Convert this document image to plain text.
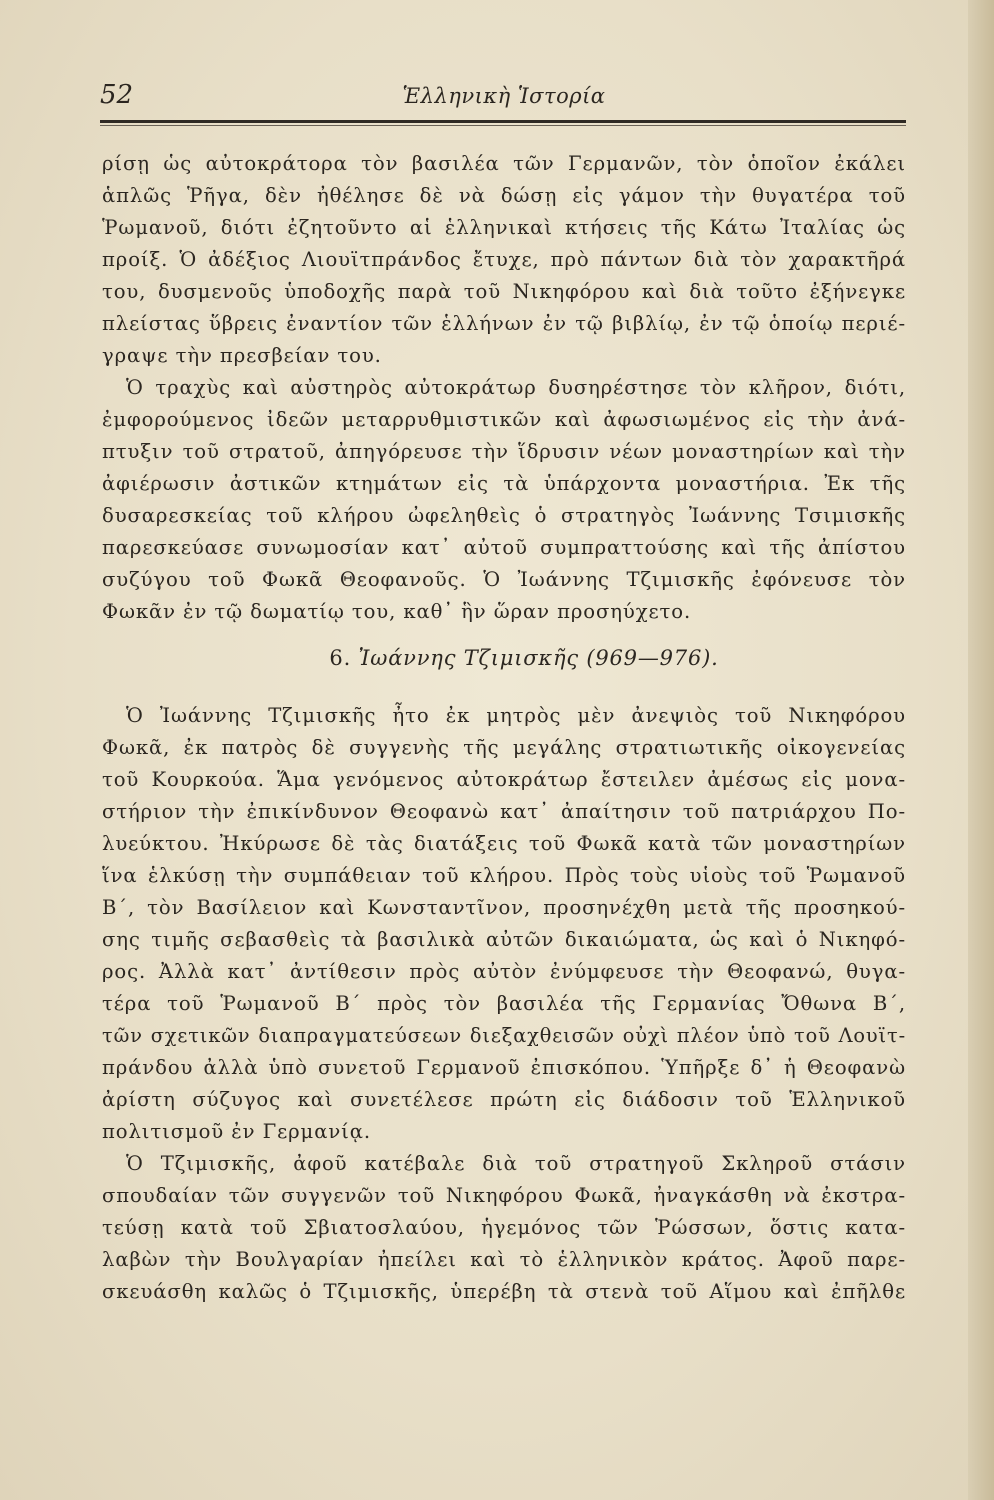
52	Ἑλληνικὴ Ἱστορία
ρίσῃ ὡς αὐτοκράτορα τὸν βασιλέα τῶν Γερμανῶν, τὸν ὁποῖον ἐκάλει
ἁπλῶς Ῥῆγα, δὲν ἠθέλησε δὲ νὰ δώσῃ εἰς γάμον τὴν θυγατέρα τοῦ
Ῥωμανοῦ, διότι ἐζητοῦντο αἱ ἑλληνικαὶ κτήσεις τῆς Κάτω Ἰταλίας ὡς
προίξ. Ὁ ἀδέξιος Λιουϊτπράνδος ἔτυχε, πρὸ πάντων διὰ τὸν χαρακτῆρά
του, δυσμενοῦς ὑποδοχῆς παρὰ τοῦ Νικηφόρου καὶ διὰ τοῦτο ἐξήνεγκε
πλείστας ὕβρεις ἐναντίον τῶν ἑλλήνων ἐν τῷ βιβλίῳ, ἐν τῷ ὁποίῳ περιέ-
γραψε τὴν πρεσβείαν του.
Ὁ τραχὺς καὶ αὐστηρὸς αὐτοκράτωρ δυσηρέστησε τὸν κλῆρον, διότι,
ἐμφορούμενος ἰδεῶν μεταρρυθμιστικῶν καὶ ἀφωσιωμένος εἰς τὴν ἀνά-
πτυξιν τοῦ στρατοῦ, ἀπηγόρευσε τὴν ἵδρυσιν νέων μοναστηρίων καὶ τὴν
ἀφιέρωσιν ἀστικῶν κτημάτων εἰς τὰ ὑπάρχοντα μοναστήρια. Ἐκ τῆς
δυσαρεσκείας τοῦ κλήρου ὠφεληθεὶς ὁ στρατηγὸς Ἰωάννης Τσιμισκῆς
παρεσκεύασε συνωμοσίαν κατ᾿ αὐτοῦ συμπραττούσης καὶ τῆς ἀπίστου
συζύγου τοῦ Φωκᾶ Θεοφανοῦς. Ὁ Ἰωάννης Τζιμισκῆς ἐφόνευσε τὸν
Φωκᾶν ἐν τῷ δωματίῳ του, καθ᾿ ἣν ὥραν προσηύχετο.
6. Ἰωάννης Τζιμισκῆς (969—976).
Ὁ Ἰωάννης Τζιμισκῆς ἦτο ἐκ μητρὸς μὲν ἀνεψιὸς τοῦ Νικηφόρου
Φωκᾶ, ἐκ πατρὸς δὲ συγγενὴς τῆς μεγάλης στρατιωτικῆς οἰκογενείας
τοῦ Κουρκούα. Ἅμα γενόμενος αὐτοκράτωρ ἔστειλεν ἀμέσως εἰς μονα-
στήριον τὴν ἐπικίνδυνον Θεοφανὼ κατ᾿ ἀπαίτησιν τοῦ πατριάρχου Πο-
λυεύκτου. Ἠκύρωσε δὲ τὰς διατάξεις τοῦ Φωκᾶ κατὰ τῶν μοναστηρίων
ἵνα ἑλκύσῃ τὴν συμπάθειαν τοῦ κλήρου. Πρὸς τοὺς υἱοὺς τοῦ Ῥωμανοῦ
Β΄, τὸν Βασίλειον καὶ Κωνσταντῖνον, προσηνέχθη μετὰ τῆς προσηκού-
σης τιμῆς σεβασθεὶς τὰ βασιλικὰ αὐτῶν δικαιώματα, ὡς καὶ ὁ Νικηφό-
ρος. Ἀλλὰ κατ᾿ ἀντίθεσιν πρὸς αὐτὸν ἐνύμφευσε τὴν Θεοφανώ, θυγα-
τέρα τοῦ Ῥωμανοῦ Β΄ πρὸς τὸν βασιλέα τῆς Γερμανίας Ὄθωνα Β΄,
τῶν σχετικῶν διαπραγματεύσεων διεξαχθεισῶν οὐχὶ πλέον ὑπὸ τοῦ Λουϊτ-
πράνδου ἀλλὰ ὑπὸ συνετοῦ Γερμανοῦ ἐπισκόπου. Ὑπῆρξε δ᾿ ἡ Θεοφανὼ
ἀρίστη σύζυγος καὶ συνετέλεσε πρώτη εἰς διάδοσιν τοῦ Ἑλληνικοῦ
πολιτισμοῦ ἐν Γερμανίᾳ.
Ὁ Τζιμισκῆς, ἀφοῦ κατέβαλε διὰ τοῦ στρατηγοῦ Σκληροῦ στάσιν
σπουδαίαν τῶν συγγενῶν τοῦ Νικηφόρου Φωκᾶ, ἠναγκάσθη νὰ ἐκστρα-
τεύσῃ κατὰ τοῦ Σβιατοσλαύου, ἡγεμόνος τῶν Ῥώσσων, ὅστις κατα-
λαβὼν τὴν Βουλγαρίαν ἠπείλει καὶ τὸ ἑλληνικὸν κράτος. Ἀφοῦ παρε-
σκευάσθη καλῶς ὁ Τζιμισκῆς, ὑπερέβη τὰ στενὰ τοῦ Αἵμου καὶ ἐπῆλθε
